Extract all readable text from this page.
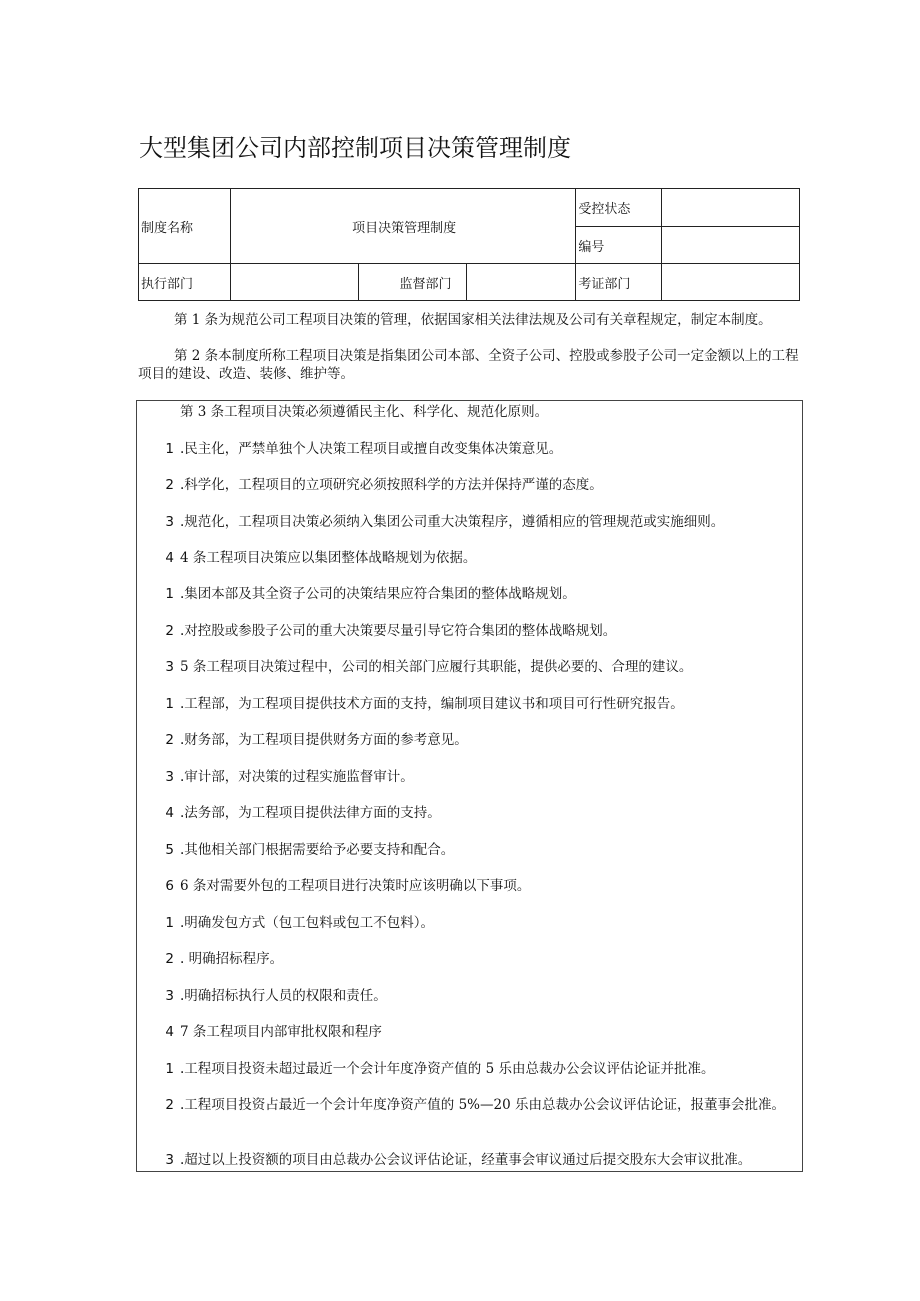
大型集团公司内部控制项目决策管理制度
制度名称	项目决策管理制度			受控状态	
				编号	
执行部门		监督部门		考证部门	
第 1 条为规范公司工程项目决策的管理，依据国家相关法律法规及公司有关章程规定，制定本制度。
第 2 条本制度所称工程项目决策是指集团公司本部、全资子公司、控股或参股子公司一定金额以上的工程项目的建设、改造、装修、维护等。
第 3 条工程项目决策必须遵循民主化、科学化、规范化原则。
1 .民主化，严禁单独个人决策工程项目或擅自改变集体决策意见。
2 .科学化，工程项目的立项研究必须按照科学的方法并保持严谨的态度。
3 .规范化，工程项目决策必须纳入集团公司重大决策程序，遵循相应的管理规范或实施细则。
4 4 条工程项目决策应以集团整体战略规划为依据。
1 .集团本部及其全资子公司的决策结果应符合集团的整体战略规划。
2 .对控股或参股子公司的重大决策要尽量引导它符合集团的整体战略规划。
3 5 条工程项目决策过程中，公司的相关部门应履行其职能，提供必要的、合理的建议。
1 .工程部，为工程项目提供技术方面的支持，编制项目建议书和项目可行性研究报告。
2 .财务部，为工程项目提供财务方面的参考意见。
3 .审计部，对决策的过程实施监督审计。
4 .法务部，为工程项目提供法律方面的支持。
5 .其他相关部门根据需要给予必要支持和配合。
6 6 条对需要外包的工程项目进行决策时应该明确以下事项。
1 .明确发包方式（包工包料或包工不包料）。
2 . 明确招标程序。
3 .明确招标执行人员的权限和责任。
4 7 条工程项目内部审批权限和程序
1 .工程项目投资未超过最近一个会计年度净资产值的 5 乐由总裁办公会议评估论证并批准。
2 .工程项目投资占最近一个会计年度净资产值的 5%—20 乐由总裁办公会议评估论证，报董事会批准。
3 .超过以上投资额的项目由总裁办公会议评估论证，经董事会审议通过后提交股东大会审议批准。
